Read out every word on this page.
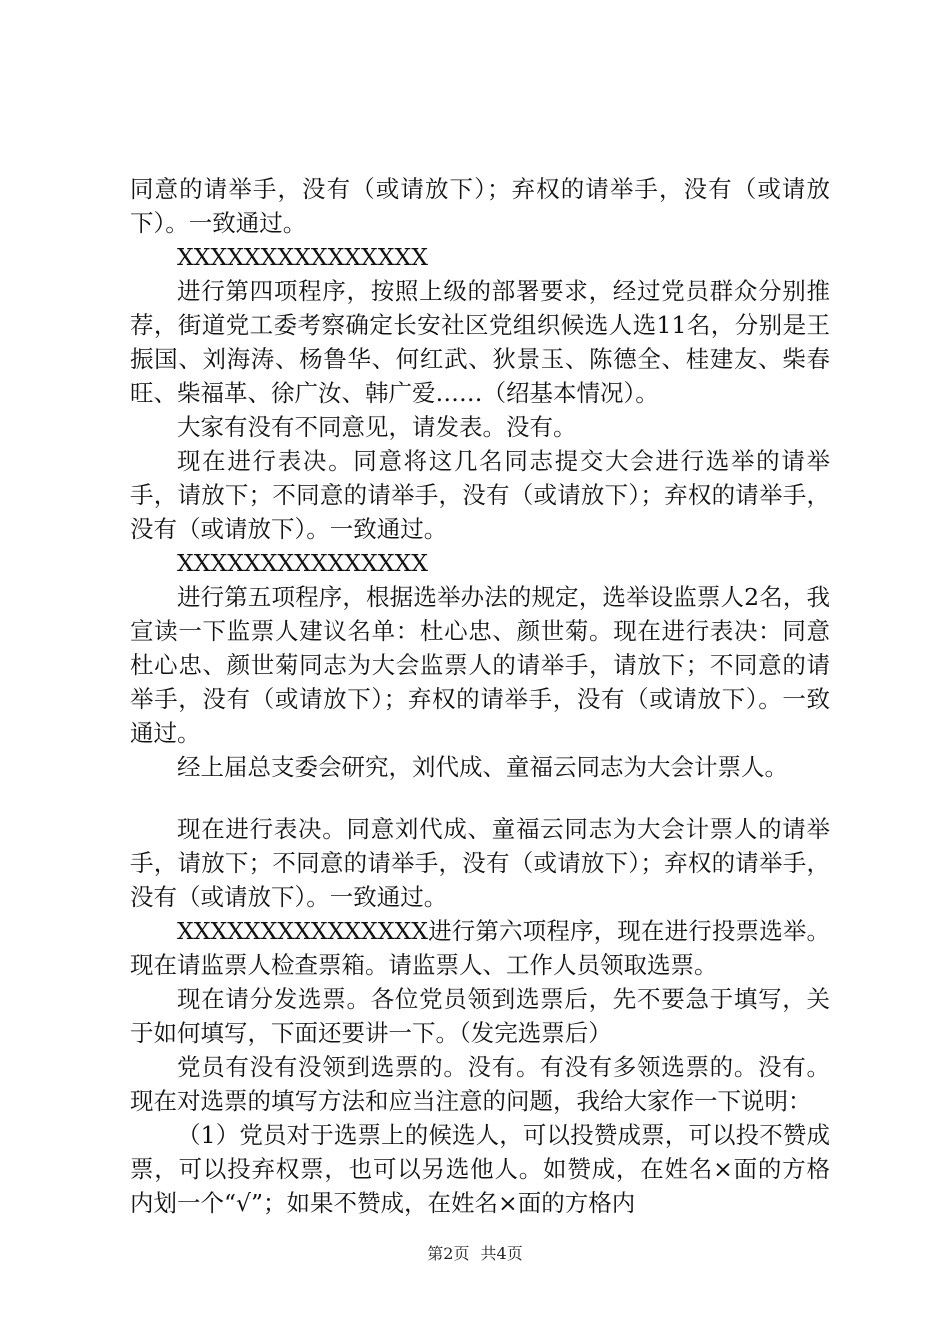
同意的请举手，没有（或请放下）；弃权的请举手，没有（或请放下）。一致通过。

XXXXXXXXXXXXXXX

进行第四项程序，按照上级的部署要求，经过党员群众分别推荐，街道党工委考察确定长安社区党组织候选人选11名，分别是王振国、刘海涛、杨鲁华、何红武、狄景玉、陈德全、桂建友、柴春旺、柴福革、徐广汝、韩广爱……（绍基本情况）。

大家有没有不同意见，请发表。没有。

现在进行表决。同意将这几名同志提交大会进行选举的请举手，请放下；不同意的请举手，没有（或请放下）；弃权的请举手，没有（或请放下）。一致通过。

XXXXXXXXXXXXXXX

进行第五项程序，根据选举办法的规定，选举设监票人2名，我宣读一下监票人建议名单：杜心忠、颜世菊。现在进行表决：同意杜心忠、颜世菊同志为大会监票人的请举手，请放下；不同意的请举手，没有（或请放下）；弃权的请举手，没有（或请放下）。一致通过。

经上届总支委会研究，刘代成、童福云同志为大会计票人。

现在进行表决。同意刘代成、童福云同志为大会计票人的请举手，请放下；不同意的请举手，没有（或请放下）；弃权的请举手，没有（或请放下）。一致通过。

XXXXXXXXXXXXXXX进行第六项程序，现在进行投票选举。现在请监票人检查票箱。请监票人、工作人员领取选票。

现在请分发选票。各位党员领到选票后，先不要急于填写，关于如何填写，下面还要讲一下。（发完选票后）

党员有没有没领到选票的。没有。有没有多领选票的。没有。现在对选票的填写方法和应当注意的问题，我给大家作一下说明：

（1）党员对于选票上的候选人，可以投赞成票，可以投不赞成票，可以投弃权票，也可以另选他人。如赞成，在姓名×面的方格内划一个“√”；如果不赞成，在姓名×面的方格内

第2页 共4页
